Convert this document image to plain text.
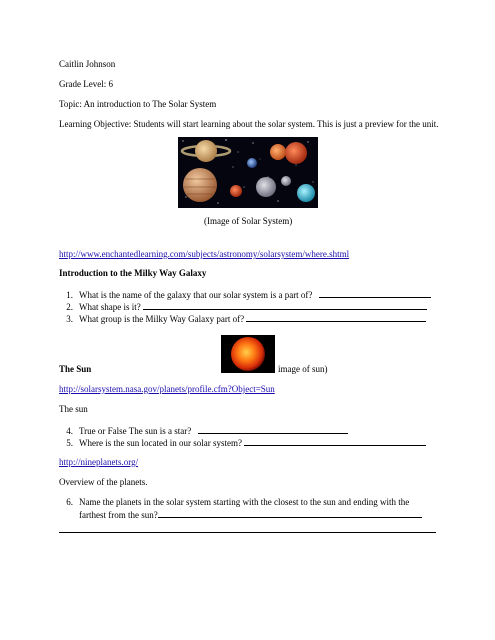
Caitlin Johnson
Grade Level: 6
Topic: An introduction to The Solar System
Learning Objective: Students will start learning about the solar system. This is just a preview for the unit.
(Image of Solar System)
http://www.enchantedlearning.com/subjects/astronomy/solarsystem/where.shtml
Introduction to the Milky Way Galaxy
1. What is the name of the galaxy that our solar system is a part of?
2. What shape is it?
3. What group is the Milky Way Galaxy part of?
The Sun	image of sun)
http://solarsystem.nasa.gov/planets/profile.cfm?Object=Sun
The sun
4. True or False The sun is a star?
5. Where is the sun located in our solar system?
http://nineplanets.org/
Overview of the planets.
6. Name the planets in the solar system starting with the closest to the sun and ending with the
farthest from the sun?
